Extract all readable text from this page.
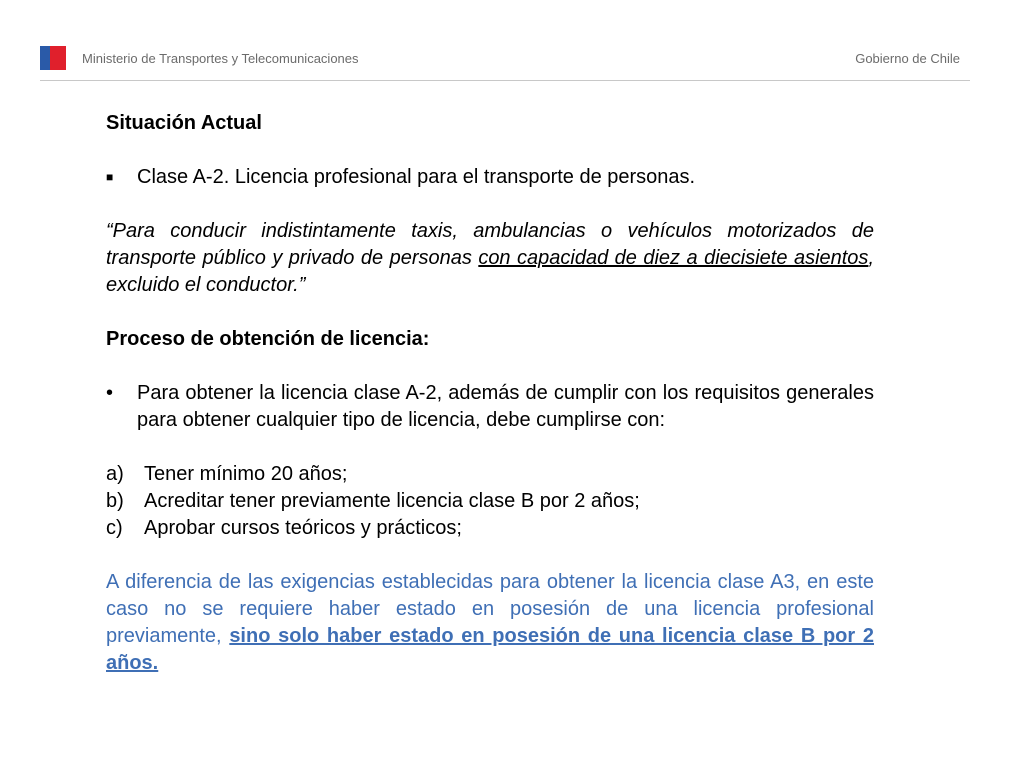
Ministerio de Transportes y Telecomunicaciones	Gobierno de Chile

Situación Actual

■	Clase A-2. Licencia profesional para el transporte de personas.
“Para conducir indistintamente taxis, ambulancias o vehículos motorizados de transporte público y privado de personas con capacidad de diez a diecisiete asientos, excluido el conductor.”

Proceso de obtención de licencia:

•	Para obtener la licencia clase A-2, además de cumplir con los requisitos generales para obtener cualquier tipo de licencia, debe cumplirse con:
a)	Tener mínimo 20 años;
b)	Acreditar tener previamente licencia clase B por 2 años;
c)	Aprobar cursos teóricos y prácticos;
A diferencia de las exigencias establecidas para obtener la licencia clase A3, en este caso no se requiere haber estado en posesión de una licencia profesional previamente, sino solo haber estado en posesión de una licencia clase B por 2 años.
